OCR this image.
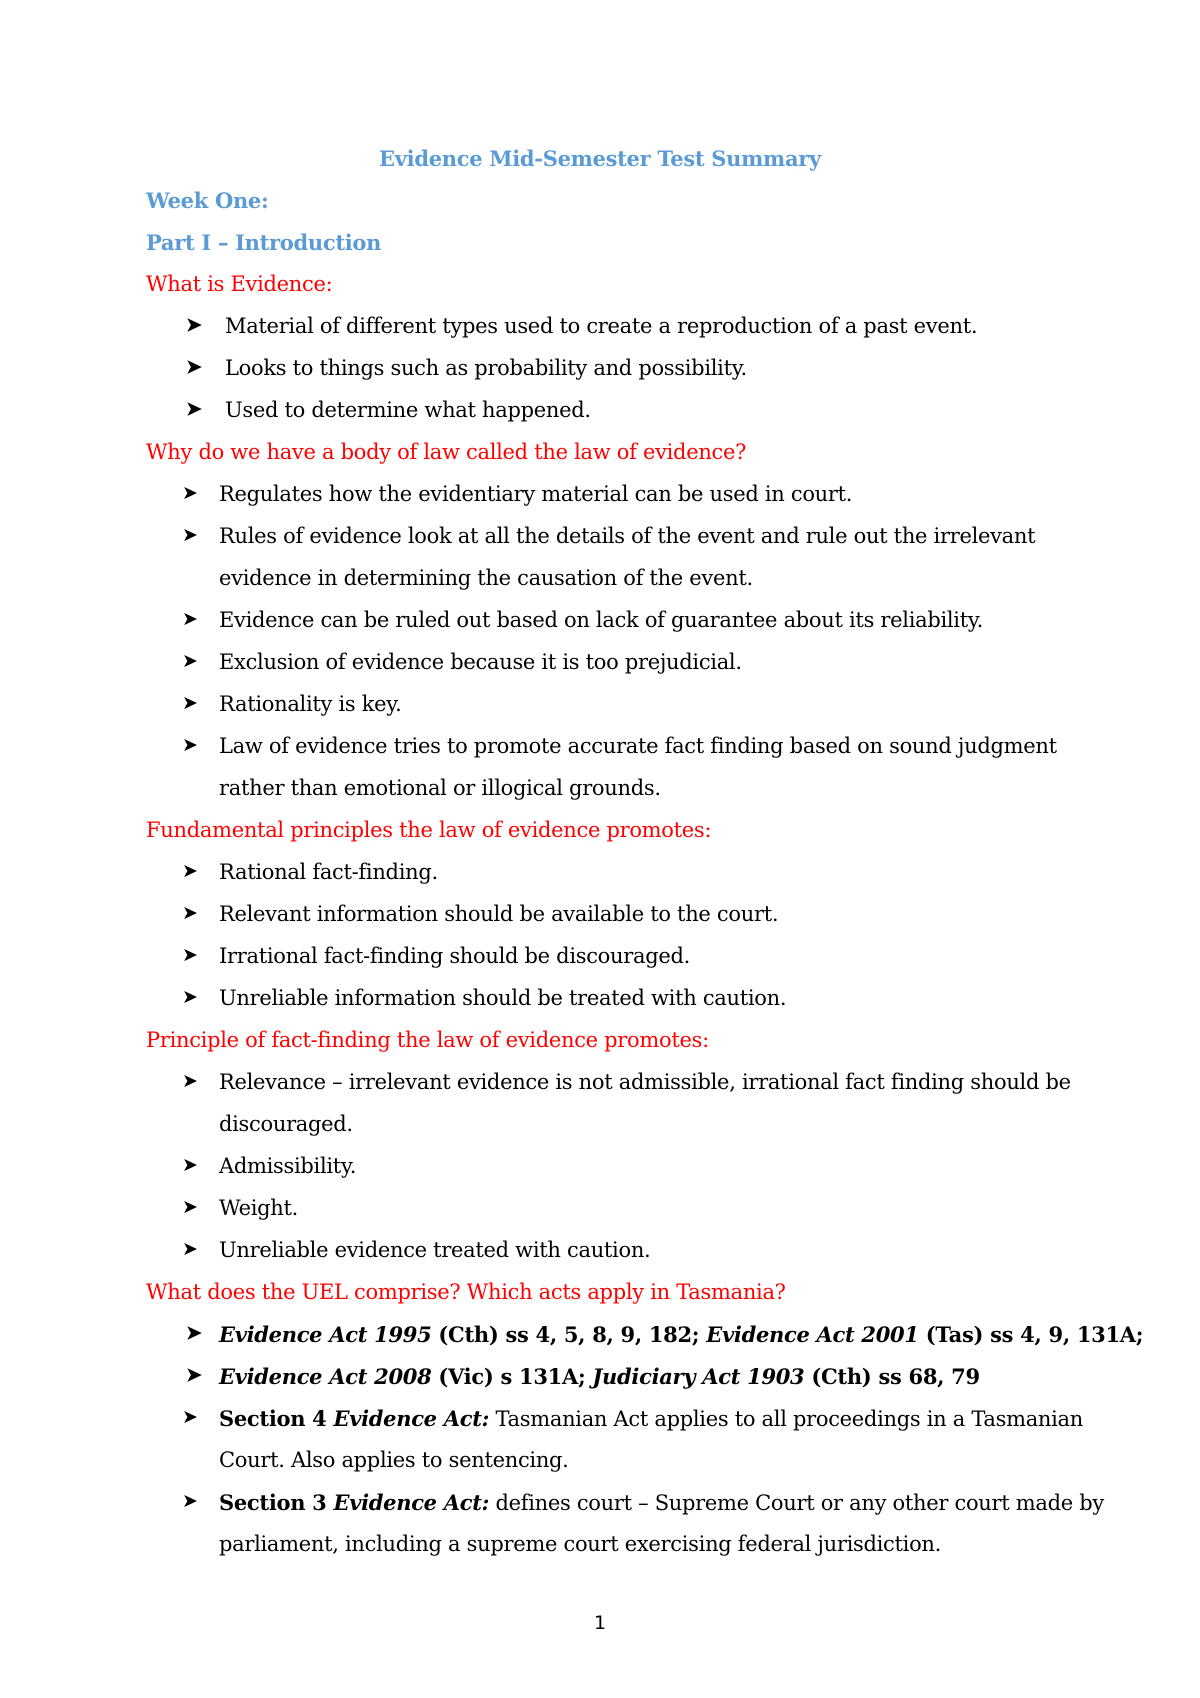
Evidence Mid-Semester Test Summary
Week One:
Part I – Introduction
What is Evidence:
➤ Material of different types used to create a reproduction of a past event.
➤ Looks to things such as probability and possibility.
➤ Used to determine what happened.
Why do we have a body of law called the law of evidence?
➤ Regulates how the evidentiary material can be used in court.
➤ Rules of evidence look at all the details of the event and rule out the irrelevant
evidence in determining the causation of the event.
➤ Evidence can be ruled out based on lack of guarantee about its reliability.
➤ Exclusion of evidence because it is too prejudicial.
➤ Rationality is key.
➤ Law of evidence tries to promote accurate fact finding based on sound judgment
rather than emotional or illogical grounds.
Fundamental principles the law of evidence promotes:
➤ Rational fact-finding.
➤ Relevant information should be available to the court.
➤ Irrational fact-finding should be discouraged.
➤ Unreliable information should be treated with caution.
Principle of fact-finding the law of evidence promotes:
➤ Relevance – irrelevant evidence is not admissible, irrational fact finding should be
discouraged.
➤ Admissibility.
➤ Weight.
➤ Unreliable evidence treated with caution.
What does the UEL comprise? Which acts apply in Tasmania?
➤ Evidence Act 1995 (Cth) ss 4, 5, 8, 9, 182; Evidence Act 2001 (Tas) ss 4, 9, 131A;
➤ Evidence Act 2008 (Vic) s 131A; Judiciary Act 1903 (Cth) ss 68, 79
➤ Section 4 Evidence Act: Tasmanian Act applies to all proceedings in a Tasmanian
Court. Also applies to sentencing.
➤ Section 3 Evidence Act: defines court – Supreme Court or any other court made by
parliament, including a supreme court exercising federal jurisdiction.
1
